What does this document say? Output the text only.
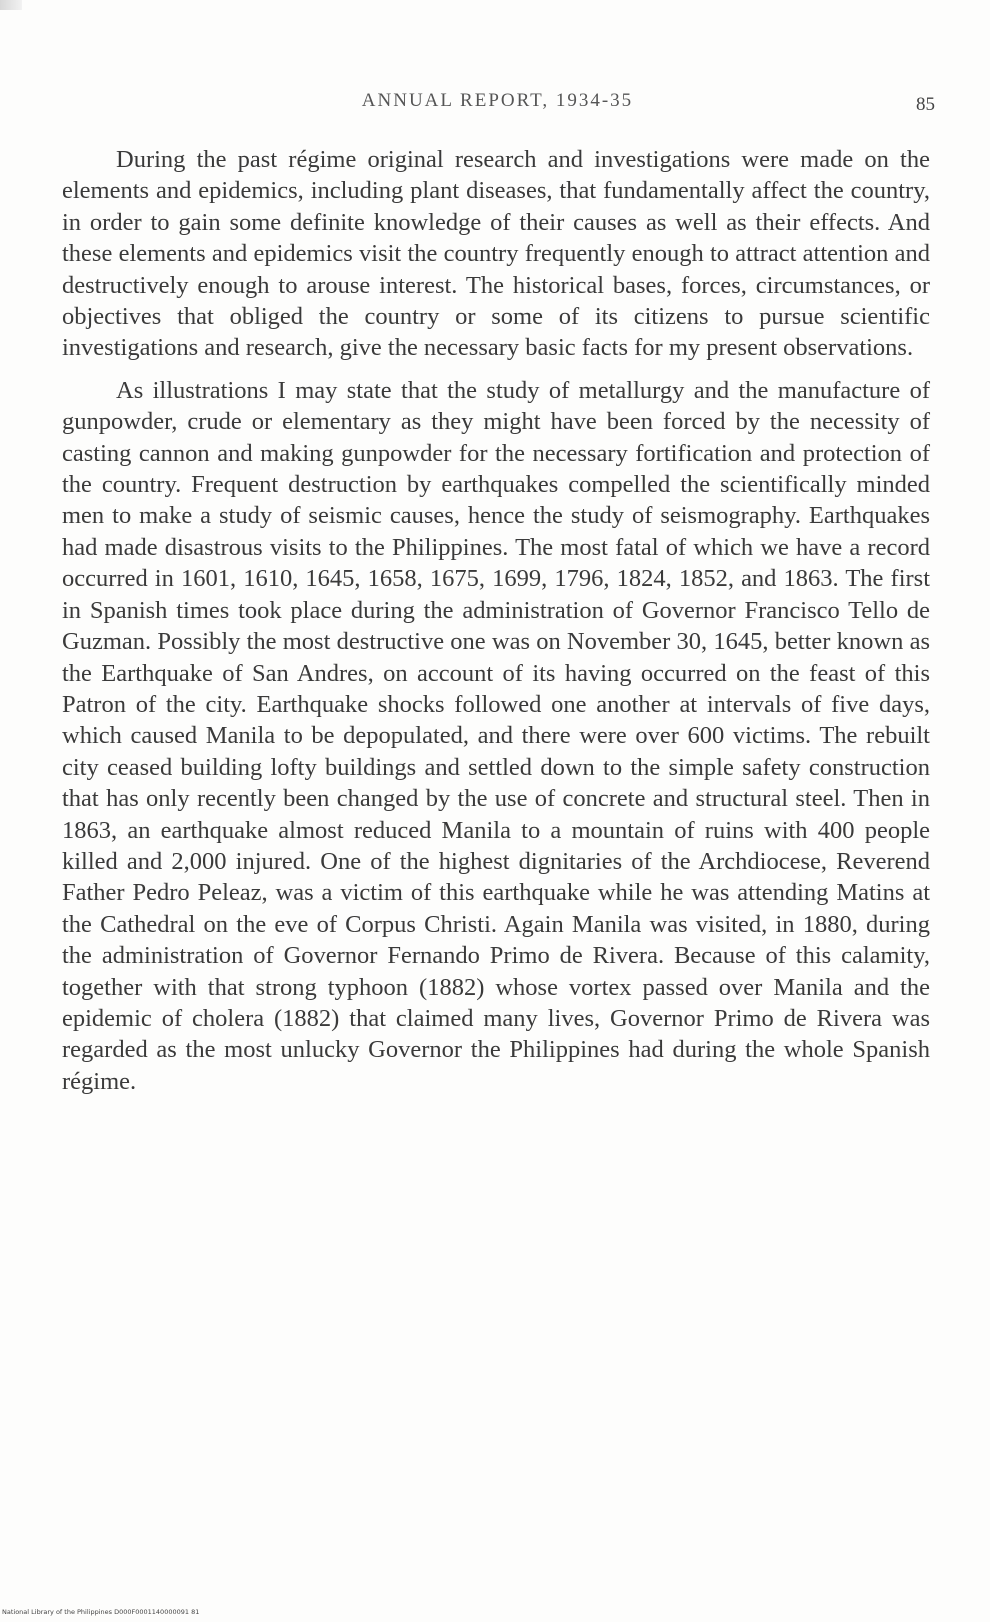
ANNUAL REPORT, 1934-35	85

During the past régime original research and investigations were made on the elements and epidemics, including plant diseases, that fundamentally affect the country, in order to gain some definite knowledge of their causes as well as their effects. And these elements and epidemics visit the country frequently enough to attract attention and destructively enough to arouse interest. The historical bases, forces, circumstances, or objectives that obliged the country or some of its citizens to pursue scientific investigations and research, give the necessary basic facts for my present observations.

As illustrations I may state that the study of metallurgy and the manufacture of gunpowder, crude or elementary as they might have been forced by the necessity of casting cannon and making gunpowder for the necessary fortification and protection of the country. Frequent destruction by earthquakes compelled the scientifically minded men to make a study of seismic causes, hence the study of seismography. Earthquakes had made disastrous visits to the Philippines. The most fatal of which we have a record occurred in 1601, 1610, 1645, 1658, 1675, 1699, 1796, 1824, 1852, and 1863. The first in Spanish times took place during the administration of Governor Francisco Tello de Guzman. Possibly the most destructive one was on November 30, 1645, better known as the Earthquake of San Andres, on account of its having occurred on the feast of this Patron of the city. Earthquake shocks followed one another at intervals of five days, which caused Manila to be depopulated, and there were over 600 victims. The rebuilt city ceased building lofty buildings and settled down to the simple safety construction that has only recently been changed by the use of concrete and structural steel. Then in 1863, an earthquake almost reduced Manila to a mountain of ruins with 400 people killed and 2,000 injured. One of the highest dignitaries of the Archdiocese, Reverend Father Pedro Peleaz, was a victim of this earthquake while he was attending Matins at the Cathedral on the eve of Corpus Christi. Again Manila was visited, in 1880, during the administration of Governor Fernando Primo de Rivera. Because of this calamity, together with that strong typhoon (1882) whose vortex passed over Manila and the epidemic of cholera (1882) that claimed many lives, Governor Primo de Rivera was regarded as the most unlucky Governor the Philippines had during the whole Spanish régime.

National Library of the Philippines D000F0001140000091 81
